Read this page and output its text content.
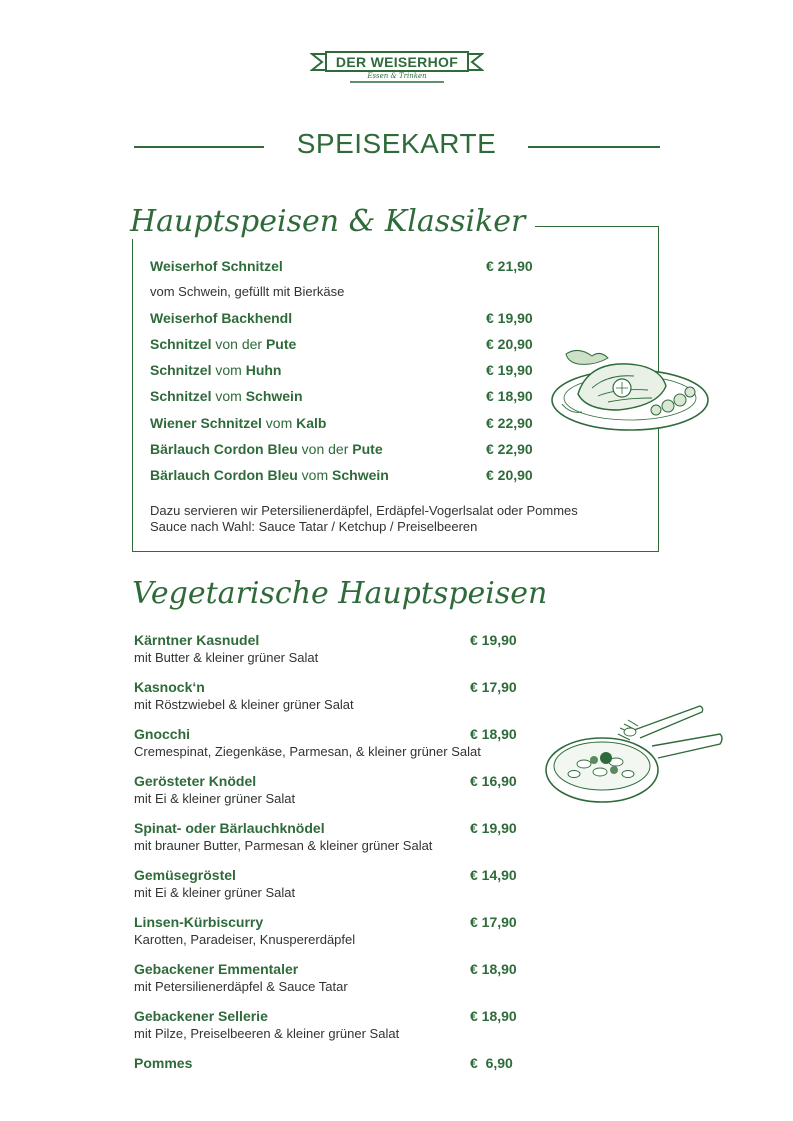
DER WEISERHOF
Essen & Trinken
SPEISEKARTE
Hauptspeisen & Klassiker
Weiserhof Schnitzel	€ 21,90
vom Schwein, gefüllt mit Bierkäse
Weiserhof Backhendl	€ 19,90
Schnitzel von der Pute	€ 20,90
Schnitzel vom Huhn	€ 19,90
Schnitzel vom Schwein	€ 18,90
Wiener Schnitzel vom Kalb	€ 22,90
Bärlauch Cordon Bleu von der Pute	€ 22,90
Bärlauch Cordon Bleu vom Schwein	€ 20,90
Dazu servieren wir Petersilienerdäpfel, Erdäpfel-Vogerlsalat oder Pommes
Sauce nach Wahl: Sauce Tatar / Ketchup / Preiselbeeren
Vegetarische Hauptspeisen
Kärntner Kasnudel	€ 19,90
mit Butter & kleiner grüner Salat
Kasnock‘n	€ 17,90
mit Röstzwiebel & kleiner grüner Salat
Gnocchi	€ 18,90
Cremespinat, Ziegenkäse, Parmesan, & kleiner grüner Salat
Gerösteter Knödel	€ 16,90
mit Ei & kleiner grüner Salat
Spinat- oder Bärlauchknödel	€ 19,90
mit brauner Butter, Parmesan & kleiner grüner Salat
Gemüsegröstel	€ 14,90
mit Ei & kleiner grüner Salat
Linsen-Kürbiscurry	€ 17,90
Karotten, Paradeiser, Knuspererdäpfel
Gebackener Emmentaler	€ 18,90
mit Petersilienerdäpfel & Sauce Tatar
Gebackener Sellerie	€ 18,90
mit Pilze, Preiselbeeren & kleiner grüner Salat
Pommes	€  6,90
